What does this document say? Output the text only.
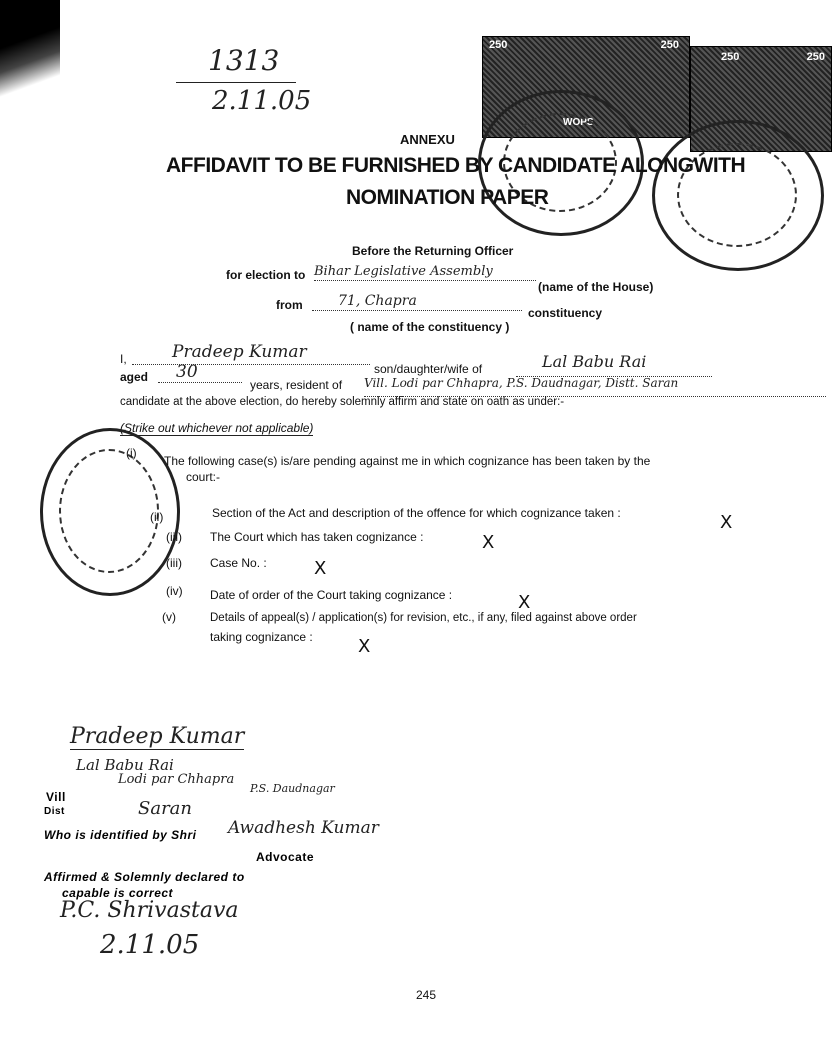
1313
2.11.05
250	250
WOPS
250	250
ANNEXU
AFFIDAVIT TO BE FURNISHED BY CANDIDATE ALONGWITH
NOMINATION PAPER
Before the Returning Officer
for election to Bihar Legislative Assembly
(name of the House)
from	71, Chapra
constituency
( name of the constituency )
I,	Pradeep Kumar
son/daughter/wife of	Lal Babu Rai
aged	30
years, resident of Vill. Lodi par Chhapra, P.S. Daudnagar, Distt. Saran
candidate at the above election, do hereby solemnly affirm and state on oath as under:-
(Strike out whichever not applicable)
(i)
The following case(s) is/are pending against me in which cognizance has been taken by the
court:-
(ii)	Section of the Act and description of the offence for which cognizance taken :	X
(iii) The Court which has taken cognizance :	X
(iii) Case No. :	X
(iv) Date of order of the Court taking cognizance :	X
(v)	Details of appeal(s) / application(s) for revision, etc., if any, filed against above order
taking cognizance :	X
Pradeep Kumar
Lal Babu Rai
Vill
Lodi par Chhapra
P.S. Daudnagar
Dist	Saran
Who is identified by Shri Awadhesh Kumar
Advocate
Affirmed & Solemnly declared to
capable is correct
P.C. Shrivastava
2.11.05
245
